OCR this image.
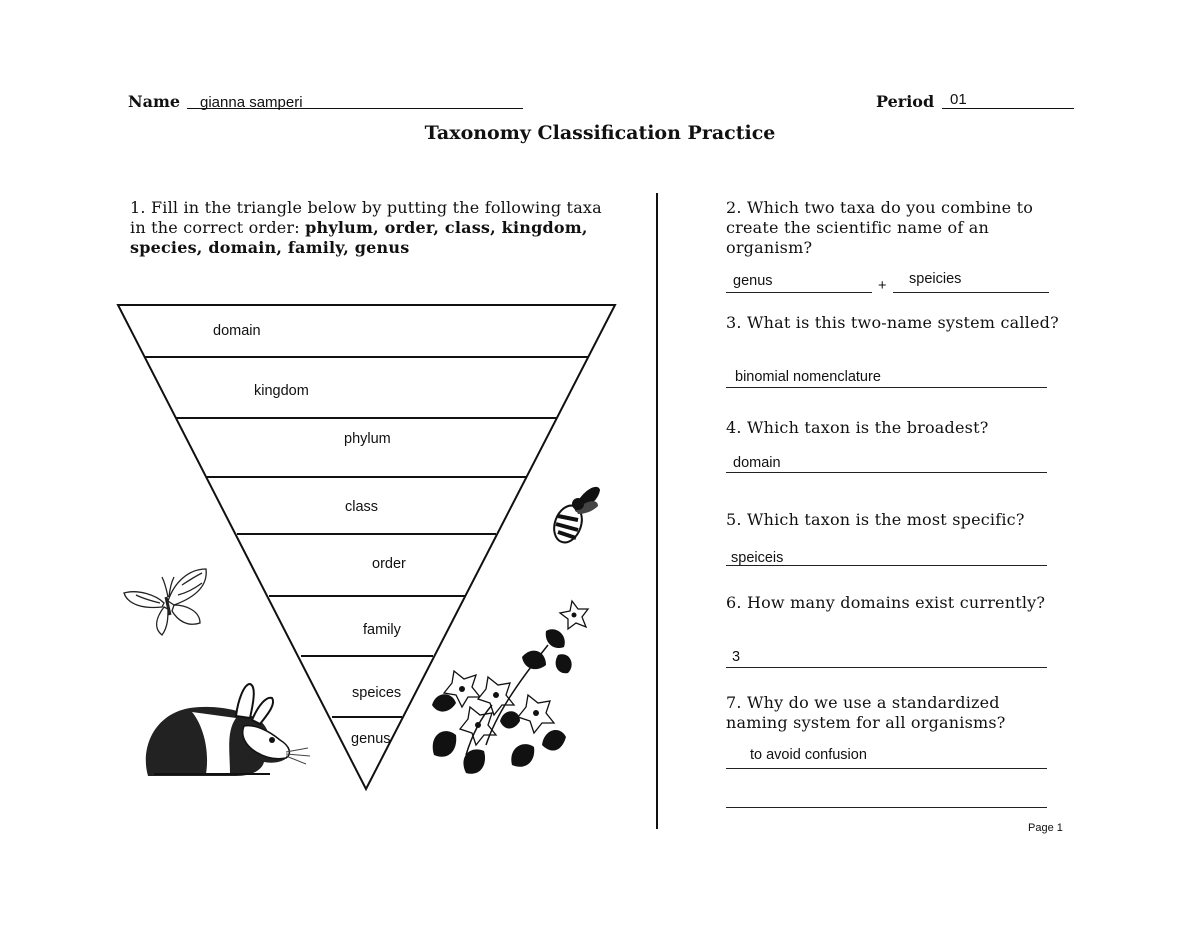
Name gianna samperi	Period 01
Taxonomy Classification Practice
1. Fill in the triangle below by putting the following taxa in the correct order: phylum, order, class, kingdom, species, domain, family, genus
domain
kingdom
phylum
class
order
family
speices
genus
2. Which two taxa do you combine to create the scientific name of an organism?
genus	+ speicies
3. What is this two-name system called?
binomial nomenclature
4. Which taxon is the broadest?
domain
5. Which taxon is the most specific?
speiceis
6. How many domains exist currently?
3
7. Why do we use a standardized naming system for all organisms?
to avoid confusion
Page 1
